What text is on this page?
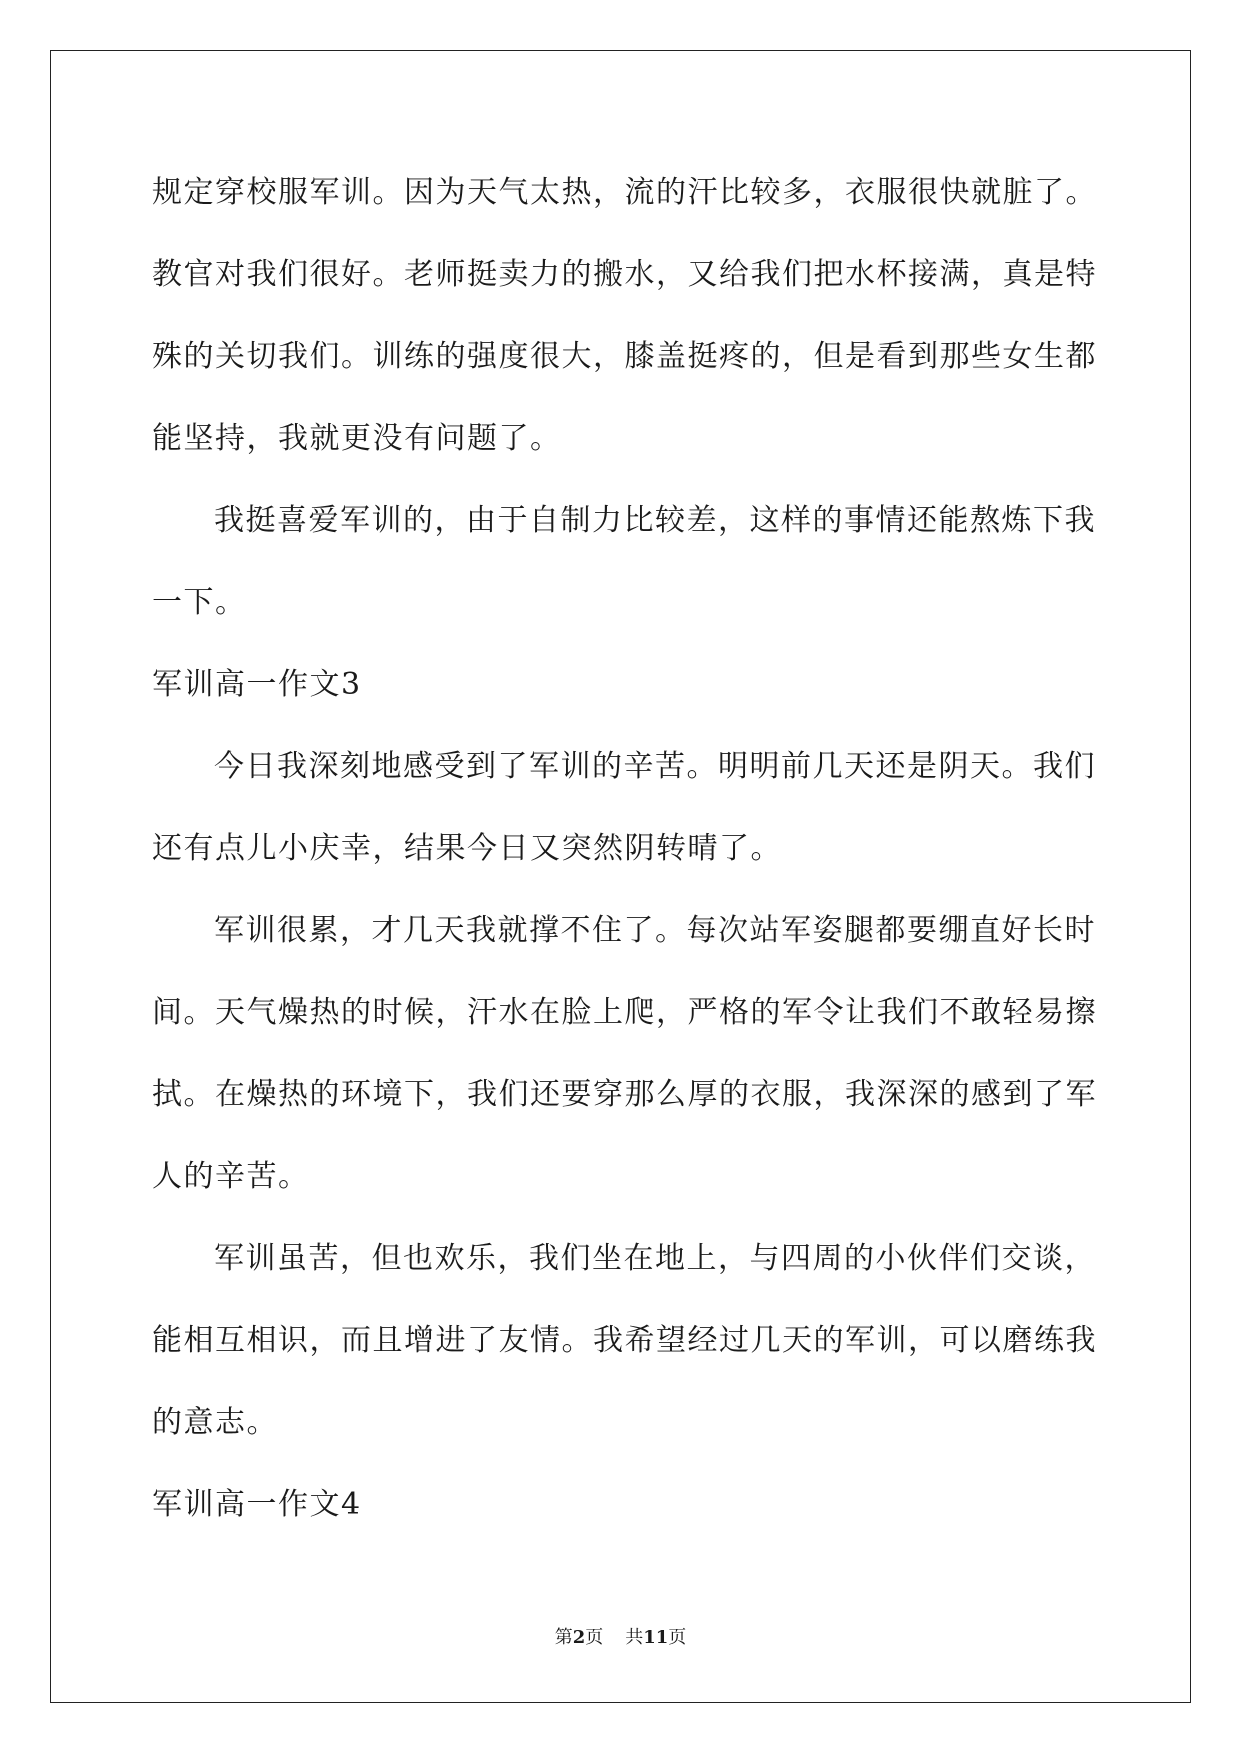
规定穿校服军训。因为天气太热，流的汗比较多，衣服很快就脏了。
教官对我们很好。老师挺卖力的搬水，又给我们把水杯接满，真是特
殊的关切我们。训练的强度很大，膝盖挺疼的，但是看到那些女生都
能坚持，我就更没有问题了。
我挺喜爱军训的，由于自制力比较差，这样的事情还能熬炼下我
一下。
军训高一作文3
今日我深刻地感受到了军训的辛苦。明明前几天还是阴天。我们
还有点儿小庆幸，结果今日又突然阴转晴了。
军训很累，才几天我就撑不住了。每次站军姿腿都要绷直好长时
间。天气燥热的时候，汗水在脸上爬，严格的军令让我们不敢轻易擦
拭。在燥热的环境下，我们还要穿那么厚的衣服，我深深的感到了军
人的辛苦。
军训虽苦，但也欢乐，我们坐在地上，与四周的小伙伴们交谈，
能相互相识，而且增进了友情。我希望经过几天的军训，可以磨练我
的意志。
军训高一作文4
第2页 共11页
